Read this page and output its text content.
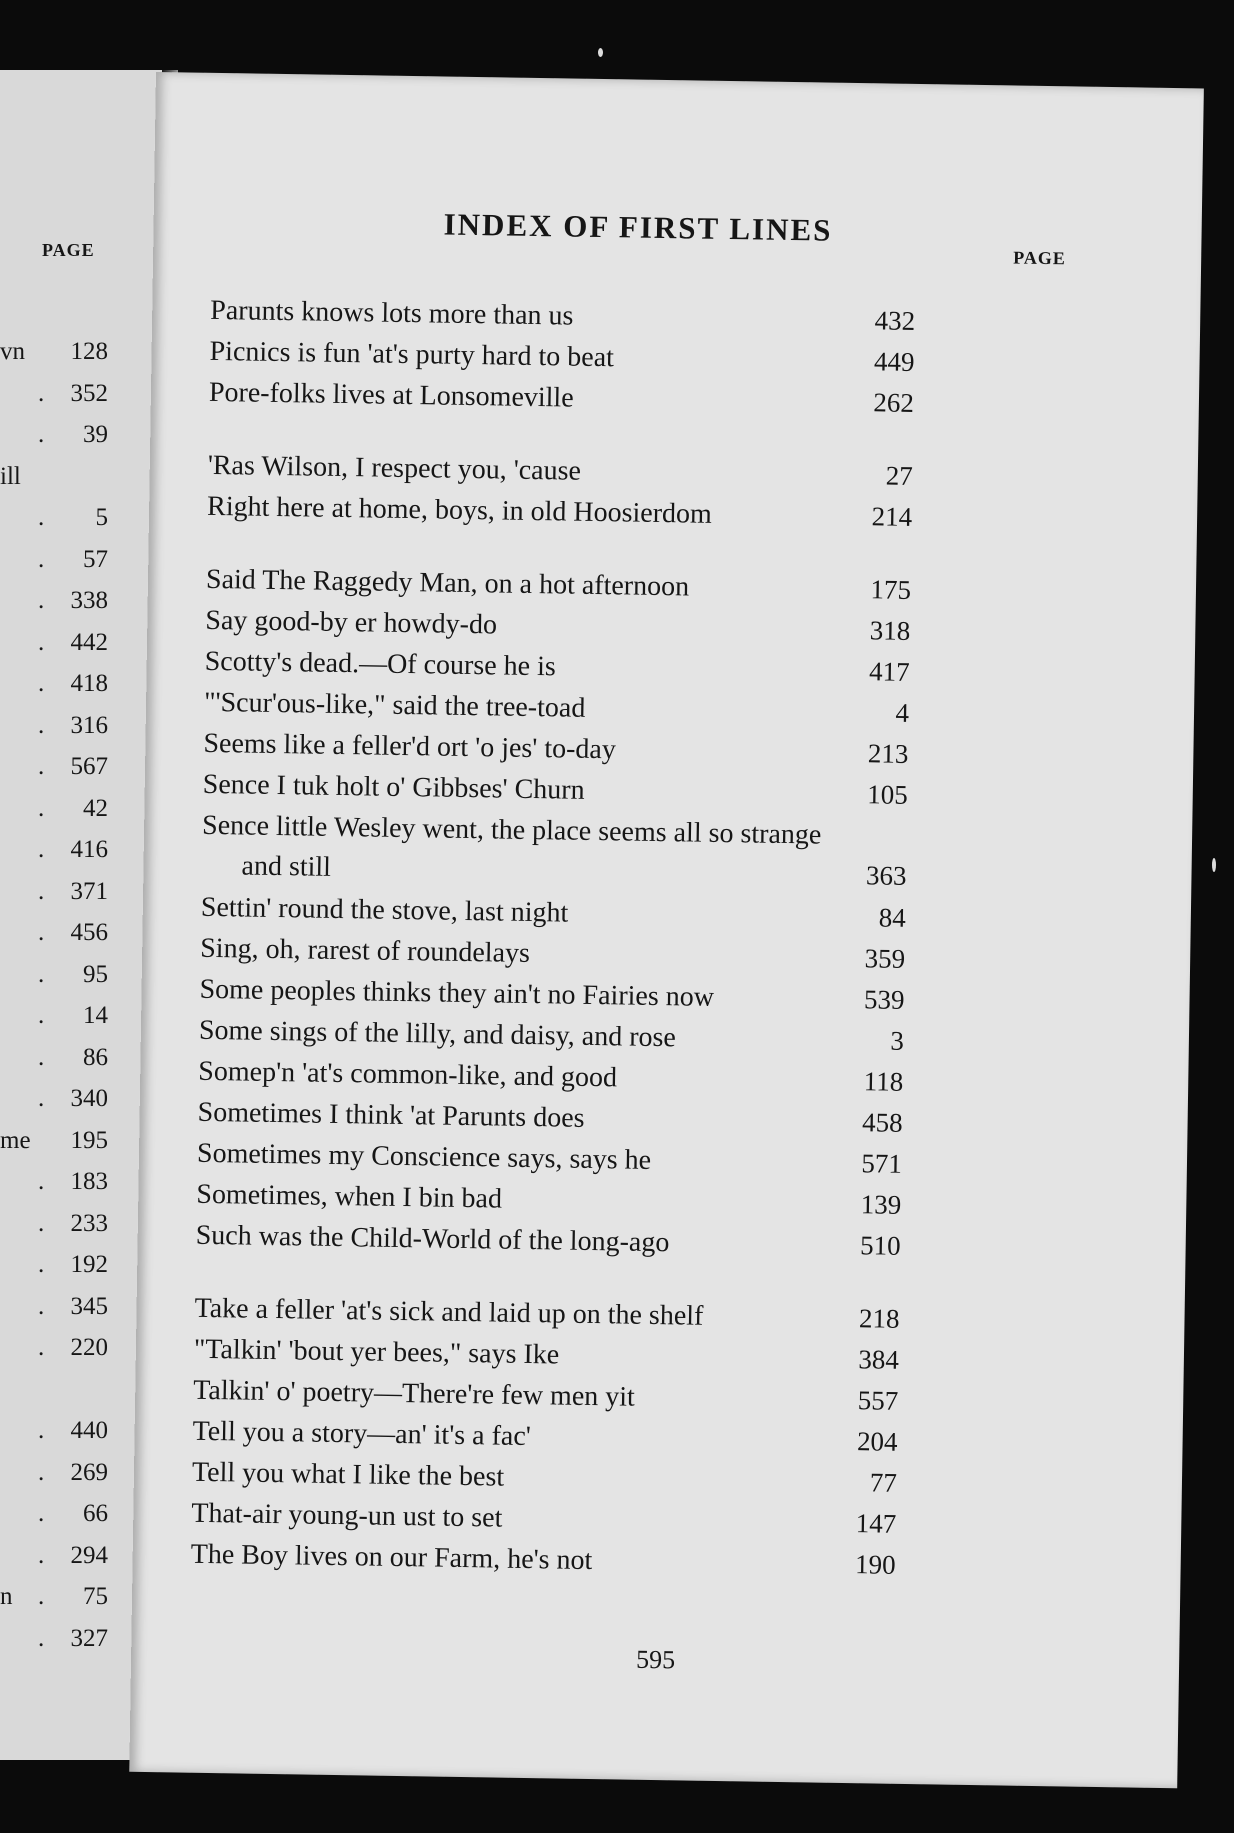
PAGE
vn 128
. 352
. 39
ill
. 5
. 57
. 338
. 442
. 418
. 316
. 567
. 42
. 416
. 371
. 456
. 95
. 14
. 86
. 340
me 195
. 183
. 233
. 192
. 345
. 220
. 440
. 269
. 66
. 294
n . 75
. 327
INDEX OF FIRST LINES
PAGE
Parunts knows lots more than us	432
Picnics is fun 'at's purty hard to beat	449
Pore-folks lives at Lonsomeville	262
'Ras Wilson, I respect you, 'cause	27
Right here at home, boys, in old Hoosierdom	214
Said The Raggedy Man, on a hot afternoon	175
Say good-by er howdy-do	318
Scotty's dead.—Of course he is	417
"'Scur'ous-like," said the tree-toad	4
Seems like a feller'd ort 'o jes' to-day	213
Sence I tuk holt o' Gibbses' Churn	105
Sence little Wesley went, the place seems all so strange
and still	363
Settin' round the stove, last night	84
Sing, oh, rarest of roundelays	359
Some peoples thinks they ain't no Fairies now	539
Some sings of the lilly, and daisy, and rose	3
Somep'n 'at's common-like, and good	118
Sometimes I think 'at Parunts does	458
Sometimes my Conscience says, says he	571
Sometimes, when I bin bad	139
Such was the Child-World of the long-ago	510
Take a feller 'at's sick and laid up on the shelf	218
"Talkin' 'bout yer bees," says Ike	384
Talkin' o' poetry—There're few men yit	557
Tell you a story—an' it's a fac'	204
Tell you what I like the best	77
That-air young-un ust to set	147
The Boy lives on our Farm, he's not	190
595
